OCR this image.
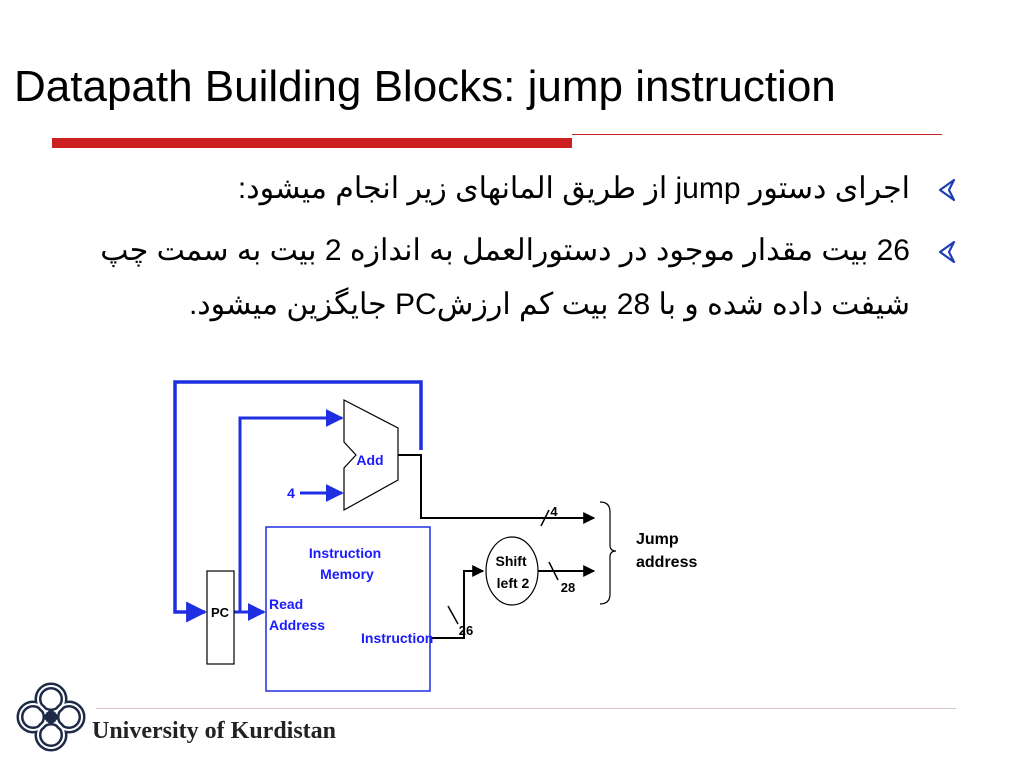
Datapath Building Blocks: jump instruction
اجرای دستور jump از طریق المانهای زیر انجام میشود:
26 بیت مقدار موجود در دستورالعمل به اندازه 2 بیت به سمت چپ شیفت داده شده و با 28 بیت کم ارزشPC جایگزین میشود.
Add
4
4
26
28
Instruction Memory
Read Address
Instruction
PC
Shift left 2
Jump address
University of Kurdistan
